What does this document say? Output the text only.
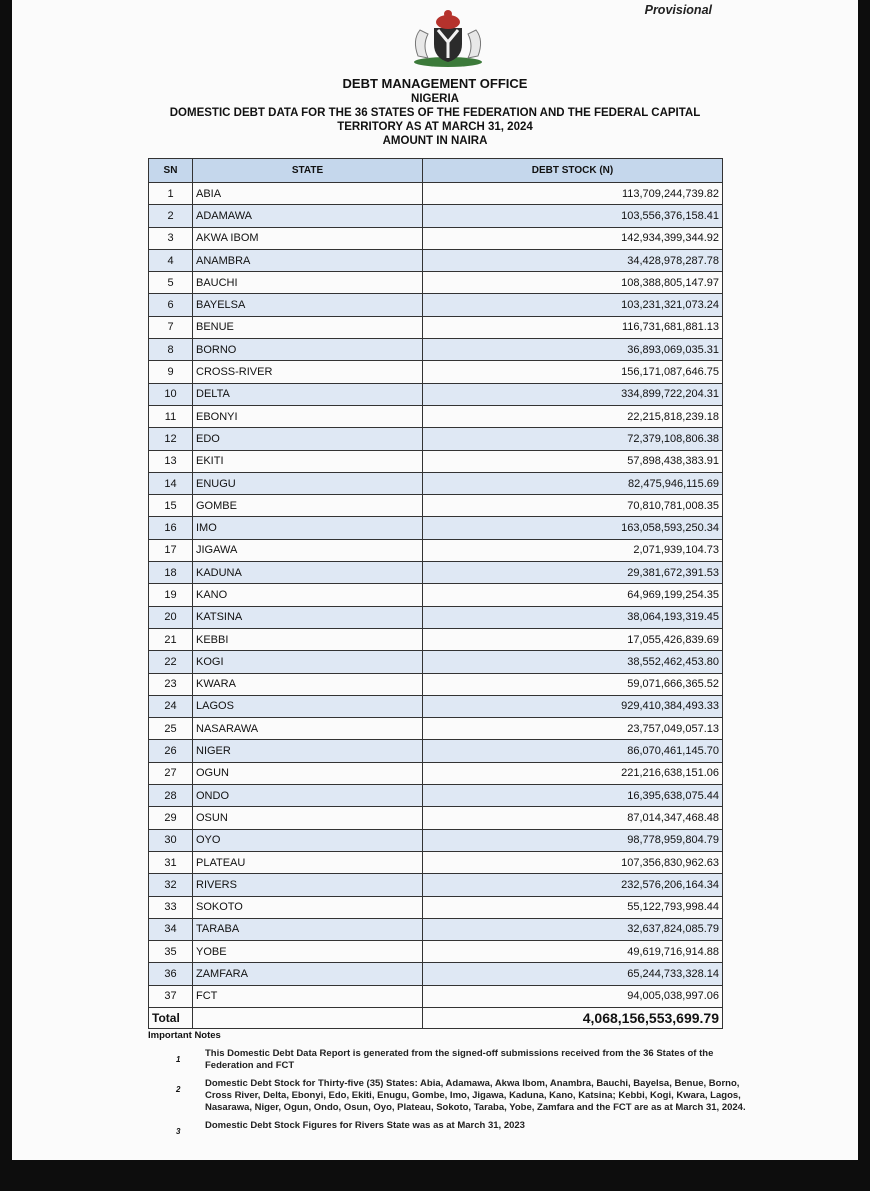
Provisional
DEBT MANAGEMENT OFFICE
NIGERIA
DOMESTIC DEBT DATA FOR THE 36 STATES OF THE FEDERATION AND THE FEDERAL CAPITAL TERRITORY AS AT MARCH 31, 2024
AMOUNT IN NAIRA
SN	STATE	DEBT STOCK (N)
1	ABIA	113,709,244,739.82
2	ADAMAWA	103,556,376,158.41
3	AKWA IBOM	142,934,399,344.92
4	ANAMBRA	34,428,978,287.78
5	BAUCHI	108,388,805,147.97
6	BAYELSA	103,231,321,073.24
7	BENUE	116,731,681,881.13
8	BORNO	36,893,069,035.31
9	CROSS-RIVER	156,171,087,646.75
10	DELTA	334,899,722,204.31
11	EBONYI	22,215,818,239.18
12	EDO	72,379,108,806.38
13	EKITI	57,898,438,383.91
14	ENUGU	82,475,946,115.69
15	GOMBE	70,810,781,008.35
16	IMO	163,058,593,250.34
17	JIGAWA	2,071,939,104.73
18	KADUNA	29,381,672,391.53
19	KANO	64,969,199,254.35
20	KATSINA	38,064,193,319.45
21	KEBBI	17,055,426,839.69
22	KOGI	38,552,462,453.80
23	KWARA	59,071,666,365.52
24	LAGOS	929,410,384,493.33
25	NASARAWA	23,757,049,057.13
26	NIGER	86,070,461,145.70
27	OGUN	221,216,638,151.06
28	ONDO	16,395,638,075.44
29	OSUN	87,014,347,468.48
30	OYO	98,778,959,804.79
31	PLATEAU	107,356,830,962.63
32	RIVERS	232,576,206,164.34
33	SOKOTO	55,122,793,998.44
34	TARABA	32,637,824,085.79
35	YOBE	49,619,716,914.88
36	ZAMFARA	65,244,733,328.14
37	FCT	94,005,038,997.06
Total		4,068,156,553,699.79
Important Notes
1
This Domestic Debt Data Report is generated from the signed-off submissions received from the 36 States of the Federation and FCT
2
Domestic Debt Stock for Thirty-five (35) States: Abia, Adamawa, Akwa Ibom, Anambra, Bauchi, Bayelsa, Benue, Borno, Cross River, Delta, Ebonyi, Edo, Ekiti, Enugu, Gombe, Imo, Jigawa, Kaduna, Kano, Katsina; Kebbi, Kogi, Kwara, Lagos, Nasarawa, Niger, Ogun, Ondo, Osun, Oyo, Plateau, Sokoto, Taraba, Yobe, Zamfara and the FCT are as at March 31, 2024.
3
Domestic Debt Stock Figures for Rivers State was as at March 31, 2023
